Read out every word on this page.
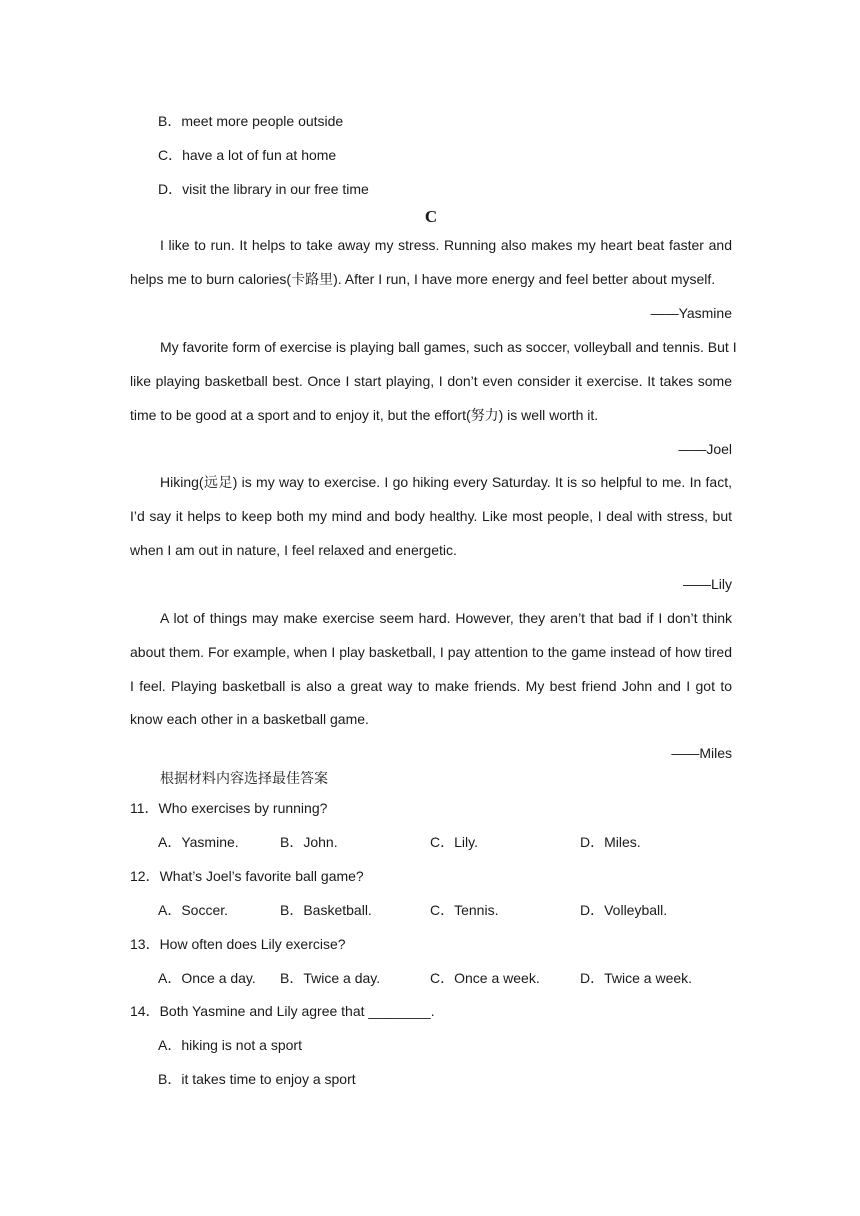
B．meet more people outside
C．have a lot of fun at home
D．visit the library in our free time
C
I like to run. It helps to take away my stress. Running also makes my heart beat faster and
helps me to burn calories(卡路里). After I run, I have more energy and feel better about myself.
——Yasmine
My favorite form of exercise is playing ball games, such as soccer, volleyball and tennis. But I
like playing basketball best. Once I start playing, I don’t even consider it exercise. It takes some
time to be good at a sport and to enjoy it, but the effort(努力) is well worth it.
——Joel
Hiking(远足) is my way to exercise. I go hiking every Saturday. It is so helpful to me. In fact,
I’d say it helps to keep both my mind and body healthy. Like most people, I deal with stress, but
when I am out in nature, I feel relaxed and energetic.
——Lily
A lot of things may make exercise seem hard. However, they aren’t that bad if I don’t think
about them. For example, when I play basketball, I pay attention to the game instead of how tired
I feel. Playing basketball is also a great way to make friends. My best friend John and I got to
know each other in a basketball game.
——Miles
根据材料内容选择最佳答案
11．Who exercises by running?
A．Yasmine.	B．John.	C．Lily.	D．Miles.
12．What’s Joel’s favorite ball game?
A．Soccer.	B．Basketball.	C．Tennis.	D．Volleyball.
13．How often does Lily exercise?
A．Once a day. B．Twice a day.	C．Once a week.	D．Twice a week.
14．Both Yasmine and Lily agree that ________.
A．hiking is not a sport
B．it takes time to enjoy a sport
